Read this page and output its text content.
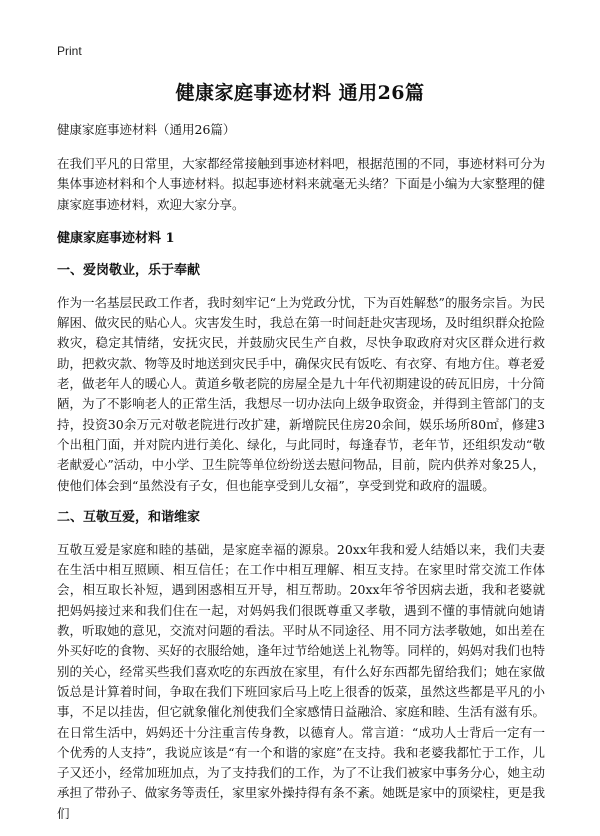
Print
健康家庭事迹材料 通用26篇
健康家庭事迹材料（通用26篇）

在我们平凡的日常里，大家都经常接触到事迹材料吧，根据范围的不同，事迹材料可分为集体事迹材料和个人事迹材料。拟起事迹材料来就毫无头绪？下面是小编为大家整理的健康家庭事迹材料，欢迎大家分享。

健康家庭事迹材料 1
一、爱岗敬业，乐于奉献

作为一名基层民政工作者，我时刻牢记“上为党政分忧，下为百姓解愁”的服务宗旨。为民解困、做灾民的贴心人。灾害发生时，我总在第一时间赶赴灾害现场，及时组织群众抢险救灾，稳定其情绪，安抚灾民，并鼓励灾民生产自救，尽快争取政府对灾区群众进行救助，把救灾款、物等及时地送到灾民手中，确保灾民有饭吃、有衣穿、有地方住。尊老爱老，做老年人的暖心人。黄道乡敬老院的房屋全是九十年代初期建设的砖瓦旧房，十分简陋，为了不影响老人的正常生活，我想尽一切办法向上级争取资金，并得到主管部门的支持，投资30余万元对敬老院进行改扩建，新增院民住房20余间，娱乐场所80㎡，修建3个出租门面，并对院内进行美化、绿化，与此同时，每逢春节，老年节，还组织发动“敬老献爱心”活动，中小学、卫生院等单位纷纷送去慰问物品，目前，院内供养对象25人，使他们体会到“虽然没有子女，但也能享受到儿女福”，享受到党和政府的温暖。

二、互敬互爱，和谐维家

互敬互爱是家庭和睦的基础，是家庭幸福的源泉。20xx年我和爱人结婚以来，我们夫妻在生活中相互照顾、相互信任；在工作中相互理解、相互支持。在家里时常交流工作体会，相互取长补短，遇到困惑相互开导，相互帮助。20xx年爷爷因病去逝，我和老婆就把妈妈接过来和我们住在一起，对妈妈我们很既尊重又孝敬，遇到不懂的事情就向她请教，听取她的意见，交流对问题的看法。平时从不同途径、用不同方法孝敬她，如出差在外买好吃的食物、买好的衣服给她，逢年过节给她送上礼物等。同样的，妈妈对我们也特别的关心，经常买些我们喜欢吃的东西放在家里，有什么好东西都先留给我们；她在家做饭总是计算着时间，争取在我们下班回家后马上吃上很香的饭菜，虽然这些都是平凡的小事，不足以挂齿，但它就象催化剂使我们全家感情日益融洽、家庭和睦、生活有滋有乐。在日常生活中，妈妈还十分注重言传身教，以德育人。常言道：“成功人士背后一定有一个优秀的人支持”，我说应该是“有一个和谐的家庭”在支持。我和老婆我都忙于工作，儿子又还小，经常加班加点，为了支持我们的工作，为了不让我们被家中事务分心，她主动承担了带孙子、做家务等责任，家里家外操持得有条不紊。她既是家中的顶梁柱，更是我们
